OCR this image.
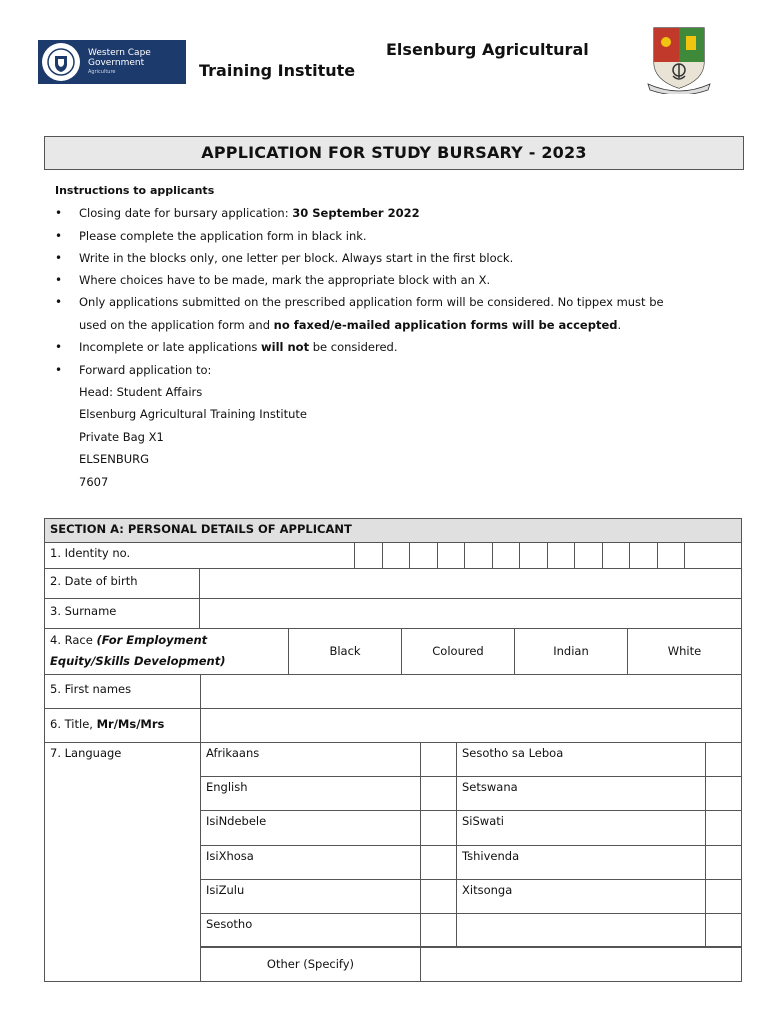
Western Cape
Government
Agriculture
Elsenburg Agricultural
Training Institute
APPLICATION FOR STUDY BURSARY - 2023
Instructions to applicants
• Closing date for bursary application: 30 September 2022
• Please complete the application form in black ink.
• Write in the blocks only, one letter per block. Always start in the first block.
• Where choices have to be made, mark the appropriate block with an X.
• Only applications submitted on the prescribed application form will be considered. No tippex must be
used on the application form and no faxed/e-mailed application forms will be accepted.
• Incomplete or late applications will not be considered.
• Forward application to:
Head: Student Affairs
Elsenburg Agricultural Training Institute
Private Bag X1
ELSENBURG
7607
SECTION A: PERSONAL DETAILS OF APPLICANT
1. Identity no.
2. Date of birth
3. Surname
4. Race (For Employment
Equity/Skills Development)
Black	Coloured	Indian	White
5. First names
6. Title, Mr/Ms/Mrs
7. Language	Afrikaans	Sesotho sa Leboa
English	Setswana
IsiNdebele	SiSwati
IsiXhosa	Tshivenda
IsiZulu	Xitsonga
Sesotho
Other (Specify)
